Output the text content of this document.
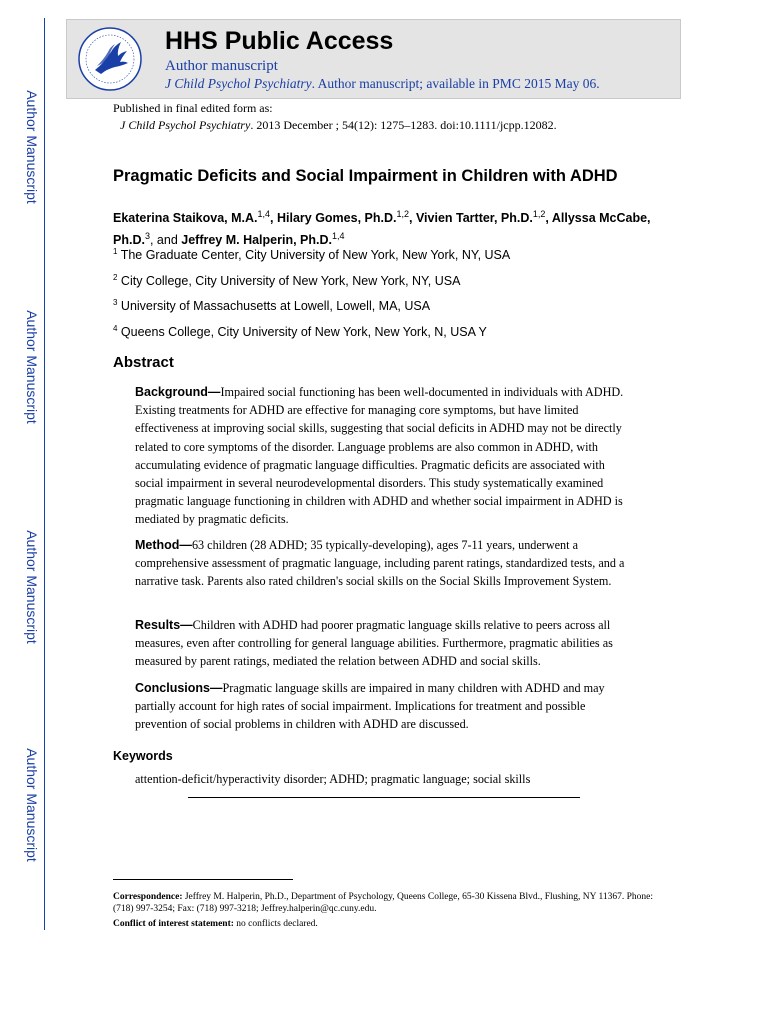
Author Manuscript
Author Manuscript
Author Manuscript
Author Manuscript
HHS Public Access
Author manuscript
J Child Psychol Psychiatry. Author manuscript; available in PMC 2015 May 06.
Published in final edited form as:
J Child Psychol Psychiatry. 2013 December ; 54(12): 1275–1283. doi:10.1111/jcpp.12082.
Pragmatic Deficits and Social Impairment in Children with ADHD
Ekaterina Staikova, M.A.$^{1,4}$, Hilary Gomes, Ph.D.$^{1,2}$, Vivien Tartter, Ph.D.$^{1,2}$, Allyssa McCabe, Ph.D.$^3$, and Jeffrey M. Halperin, Ph.D.$^{1,4}$
$^1$ The Graduate Center, City University of New York, New York, NY, USA
$^2$ City College, City University of New York, New York, NY, USA
$^3$ University of Massachusetts at Lowell, Lowell, MA, USA
$^4$ Queens College, City University of New York, New York, N, USA Y
Abstract

Background—Impaired social functioning has been well-documented in individuals with ADHD. Existing treatments for ADHD are effective for managing core symptoms, but have limited effectiveness at improving social skills, suggesting that social deficits in ADHD may not be directly related to core symptoms of the disorder. Language problems are also common in ADHD, with accumulating evidence of pragmatic language difficulties. Pragmatic deficits are associated with social impairment in several neurodevelopmental disorders. This study systematically examined pragmatic language functioning in children with ADHD and whether social impairment in ADHD is mediated by pragmatic deficits.

Method—63 children (28 ADHD; 35 typically-developing), ages 7-11 years, underwent a comprehensive assessment of pragmatic language, including parent ratings, standardized tests, and a narrative task. Parents also rated children's social skills on the Social Skills Improvement System.

Results—Children with ADHD had poorer pragmatic language skills relative to peers across all measures, even after controlling for general language abilities. Furthermore, pragmatic abilities as measured by parent ratings, mediated the relation between ADHD and social skills.

Conclusions—Pragmatic language skills are impaired in many children with ADHD and may partially account for high rates of social impairment. Implications for treatment and possible prevention of social problems in children with ADHD are discussed.

Keywords
attention-deficit/hyperactivity disorder; ADHD; pragmatic language; social skills
Correspondence: Jeffrey M. Halperin, Ph.D., Department of Psychology, Queens College, 65-30 Kissena Blvd., Flushing, NY 11367. Phone: (718) 997-3254; Fax: (718) 997-3218; Jeffrey.halperin@qc.cuny.edu.
Conflict of interest statement: no conflicts declared.
